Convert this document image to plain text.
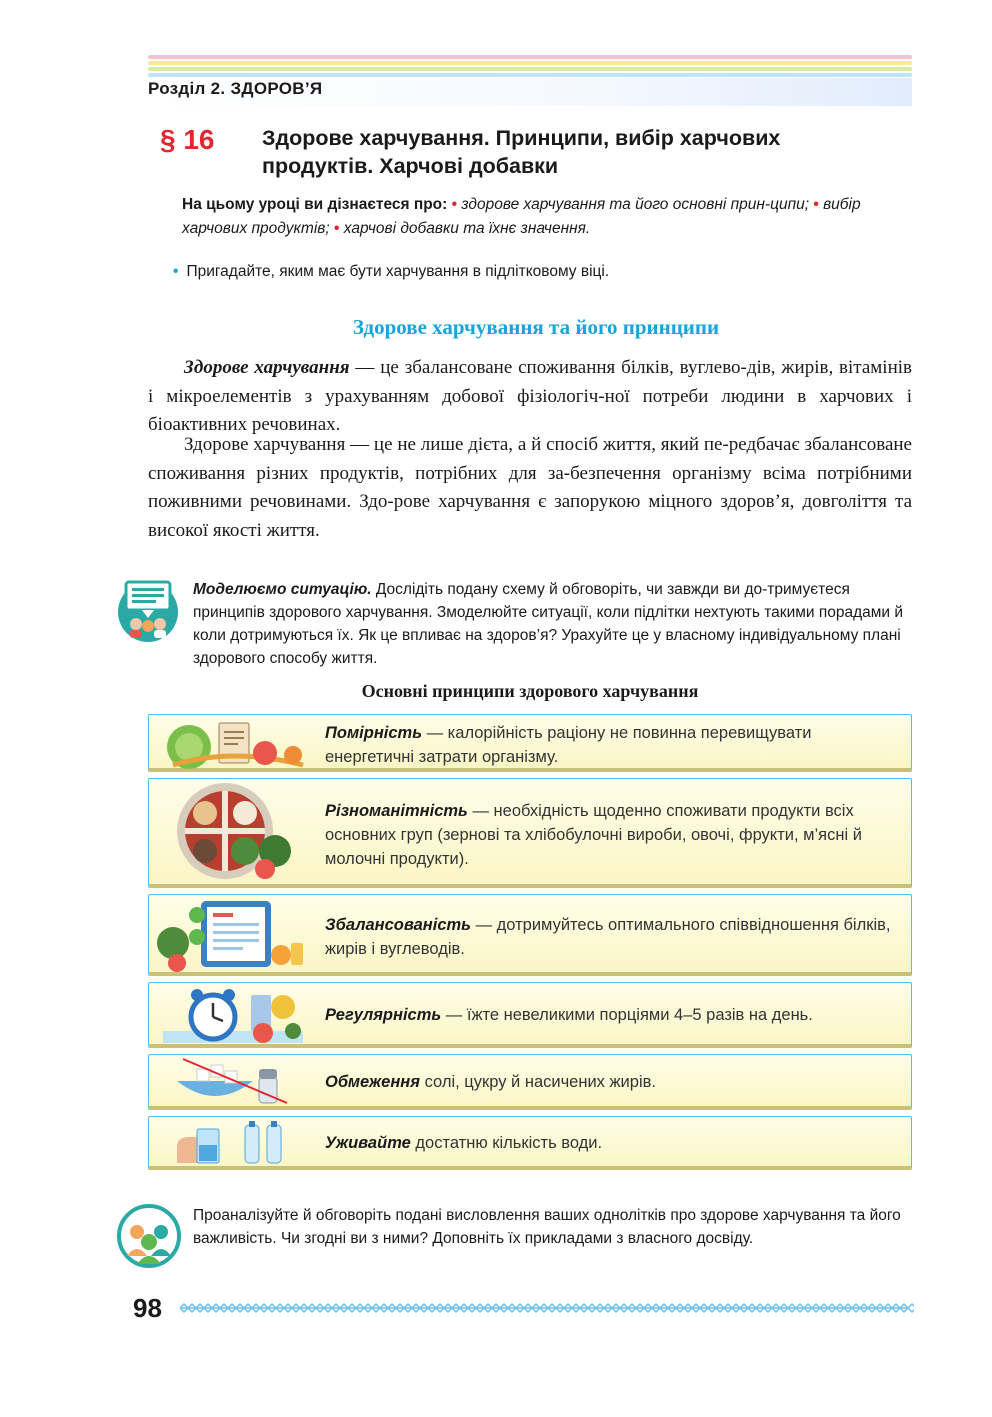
Розділ 2. ЗДОРОВ’Я
§ 16 Здорове харчування. Принципи, вибір харчових
продуктів. Харчові добавки
На цьому уроці ви дізнаєтеся про: • здорове харчування та його основні прин-ципи; • вибір харчових продуктів; • харчові добавки та їхнє значення.
• Пригадайте, яким має бути харчування в підлітковому віці.
Здорове харчування та його принципи
Здорове харчування — це збалансоване споживання білків, вуглево-дів, жирів, вітамінів і мікроелементів з урахуванням добової фізіологіч-ної потреби людини в харчових і біоактивних речовинах.
Здорове харчування — це не лише дієта, а й спосіб життя, який пе-редбачає збалансоване споживання різних продуктів, потрібних для за-безпечення організму всіма потрібними поживними речовинами. Здо-рове харчування є запорукою міцного здоров’я, довголіття та високої якості життя.
Моделюємо ситуацію. Дослідіть подану схему й обговоріть, чи завжди ви до-тримуєтеся принципів здорового харчування. Змоделюйте ситуації, коли підлітки нехтують такими порадами й коли дотримуються їх. Як це впливає на здоров’я? Урахуйте це у власному індивідуальному плані здорового способу життя.
Основні принципи здорового харчування
Помірність — калорійність раціону не повинна перевищувати енергетичні затрати організму.
Різноманітність — необхідність щоденно споживати продукти всіх основних груп (зернові та хлібобулочні вироби, овочі, фрукти, м’ясні й молочні продукти).
Збалансованість — дотримуйтесь оптимального співвідношення білків, жирів і вуглеводів.
Регулярність — їжте невеликими порціями 4–5 разів на день.
Обмеження солі, цукру й насичених жирів.
Уживайте достатню кількість води.
Проаналізуйте й обговоріть подані висловлення ваших однолітків про здорове харчування та його важливість. Чи згодні ви з ними? Доповніть їх прикладами з власного досвіду.
98
